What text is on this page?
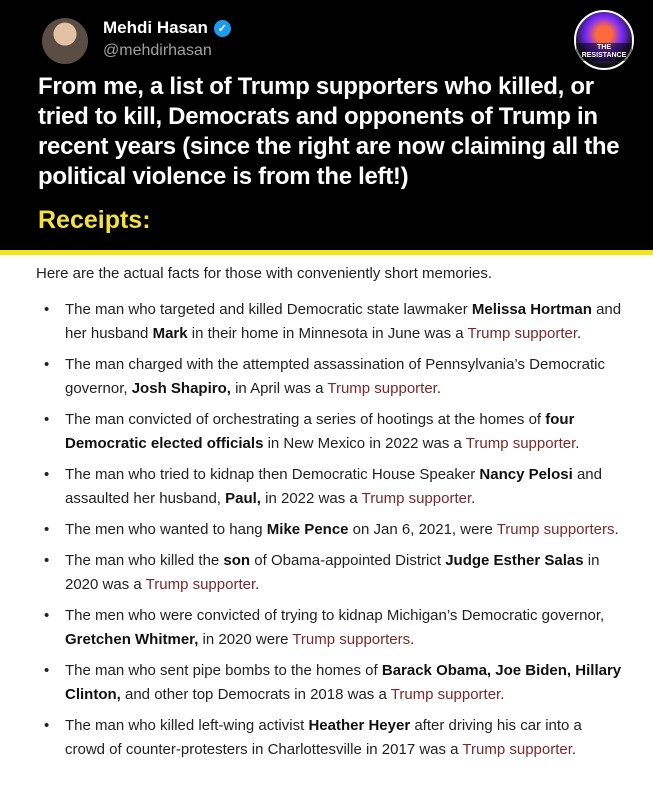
Mehdi Hasan ✓
@mehdirhasan	THE RESISTANCE
From me, a list of Trump supporters who killed, or tried to kill, Democrats and opponents of Trump in recent years (since the right are now claiming all the political violence is from the left!)
Receipts:
Here are the actual facts for those with conveniently short memories.
• The man who targeted and killed Democratic state lawmaker Melissa Hortman and her husband Mark in their home in Minnesota in June was a Trump supporter.
• The man charged with the attempted assassination of Pennsylvania’s Democratic governor, Josh Shapiro, in April was a Trump supporter.
• The man convicted of orchestrating a series of hootings at the homes of four Democratic elected officials in New Mexico in 2022 was a Trump supporter.
• The man who tried to kidnap then Democratic House Speaker Nancy Pelosi and assaulted her husband, Paul, in 2022 was a Trump supporter.
• The men who wanted to hang Mike Pence on Jan 6, 2021, were Trump supporters.
• The man who killed the son of Obama-appointed District Judge Esther Salas in 2020 was a Trump supporter.
• The men who were convicted of trying to kidnap Michigan’s Democratic governor, Gretchen Whitmer, in 2020 were Trump supporters.
• The man who sent pipe bombs to the homes of Barack Obama, Joe Biden, Hillary Clinton, and other top Democrats in 2018 was a Trump supporter.
• The man who killed left-wing activist Heather Heyer after driving his car into a crowd of counter-protesters in Charlottesville in 2017 was a Trump supporter.
